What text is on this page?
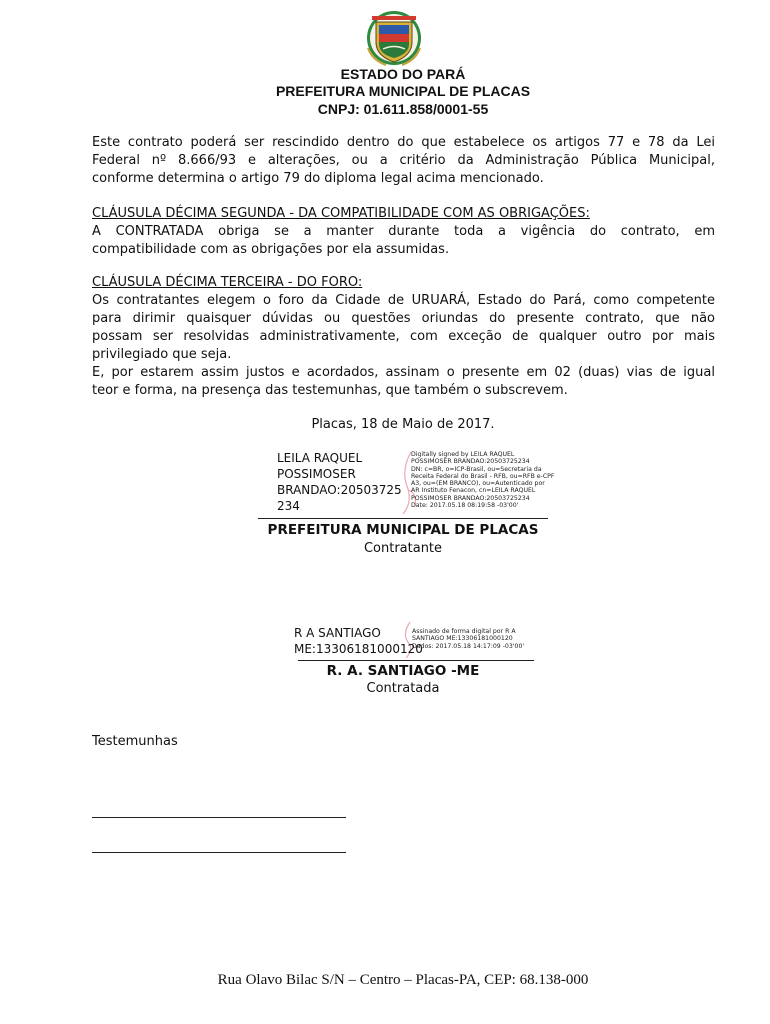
ESTADO DO PARÁ
PREFEITURA MUNICIPAL DE PLACAS
CNPJ: 01.611.858/0001-55
Este contrato poderá ser rescindido dentro do que estabelece os artigos 77 e 78 da Lei
Federal nº 8.666/93 e alterações, ou a critério da Administração Pública Municipal,
conforme determina o artigo 79 do diploma legal acima mencionado.
CLÁUSULA DÉCIMA SEGUNDA - DA COMPATIBILIDADE COM AS OBRIGAÇÕES:
A CONTRATADA obriga se a manter durante toda a vigência do contrato, em
compatibilidade com as obrigações por ela assumidas.
CLÁUSULA DÉCIMA TERCEIRA - DO FORO:
Os contratantes elegem o foro da Cidade de URUARÁ, Estado do Pará, como competente
para dirimir quaisquer dúvidas ou questões oriundas do presente contrato, que não
possam ser resolvidas administrativamente, com exceção de qualquer outro por mais
privilegiado que seja.
E, por estarem assim justos e acordados, assinam o presente em 02 (duas) vias de igual
teor e forma, na presença das testemunhas, que também o subscrevem.
Placas, 18 de Maio de 2017.
LEILA RAQUEL
POSSIMOSER
BRANDAO:20503725
234
Digitally signed by LEILA RAQUEL
POSSIMOSER BRANDAO:20503725234
DN: c=BR, o=ICP-Brasil, ou=Secretaria da
Receita Federal do Brasil - RFB, ou=RFB e-CPF
A3, ou=(EM BRANCO), ou=Autenticado por
AR Instituto Fenacon, cn=LEILA RAQUEL
POSSIMOSER BRANDAO:20503725234
Date: 2017.05.18 08:19:58 -03'00'
PREFEITURA MUNICIPAL DE PLACAS
Contratante
R A SANTIAGO
ME:13306181000120
Assinado de forma digital por R A
SANTIAGO ME:13306181000120
Dados: 2017.05.18 14:17:09 -03'00'
R. A. SANTIAGO -ME
Contratada
Testemunhas
Rua Olavo Bilac S/N – Centro – Placas-PA, CEP: 68.138-000
